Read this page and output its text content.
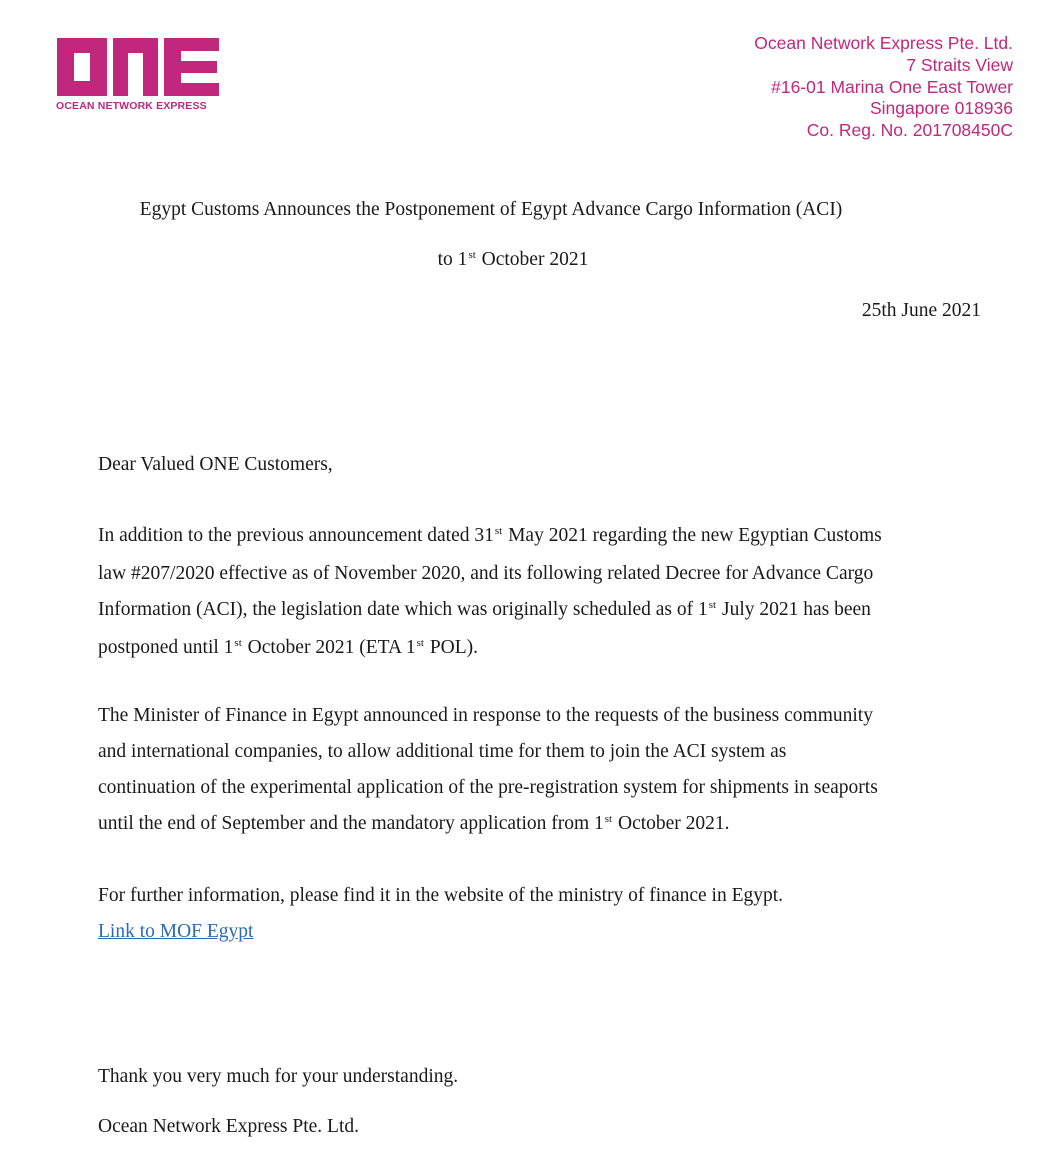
OCEAN NETWORK EXPRESS
Ocean Network Express Pte. Ltd.
7 Straits View
#16-01 Marina One East Tower
Singapore 018936
Co. Reg. No. 201708450C
Egypt Customs Announces the Postponement of Egypt Advance Cargo Information (ACI)
to 1st October 2021
25th June 2021
Dear Valued ONE Customers,
In addition to the previous announcement dated 31st May 2021 regarding the new Egyptian Customs
law #207/2020 effective as of November 2020, and its following related Decree for Advance Cargo
Information (ACI), the legislation date which was originally scheduled as of 1st July 2021 has been
postponed until 1st October 2021 (ETA 1st POL).
The Minister of Finance in Egypt announced in response to the requests of the business community
and international companies, to allow additional time for them to join the ACI system as
continuation of the experimental application of the pre-registration system for shipments in seaports
until the end of September and the mandatory application from 1st October 2021.
For further information, please find it in the website of the ministry of finance in Egypt.
Link to MOF Egypt
Thank you very much for your understanding.
Ocean Network Express Pte. Ltd.
